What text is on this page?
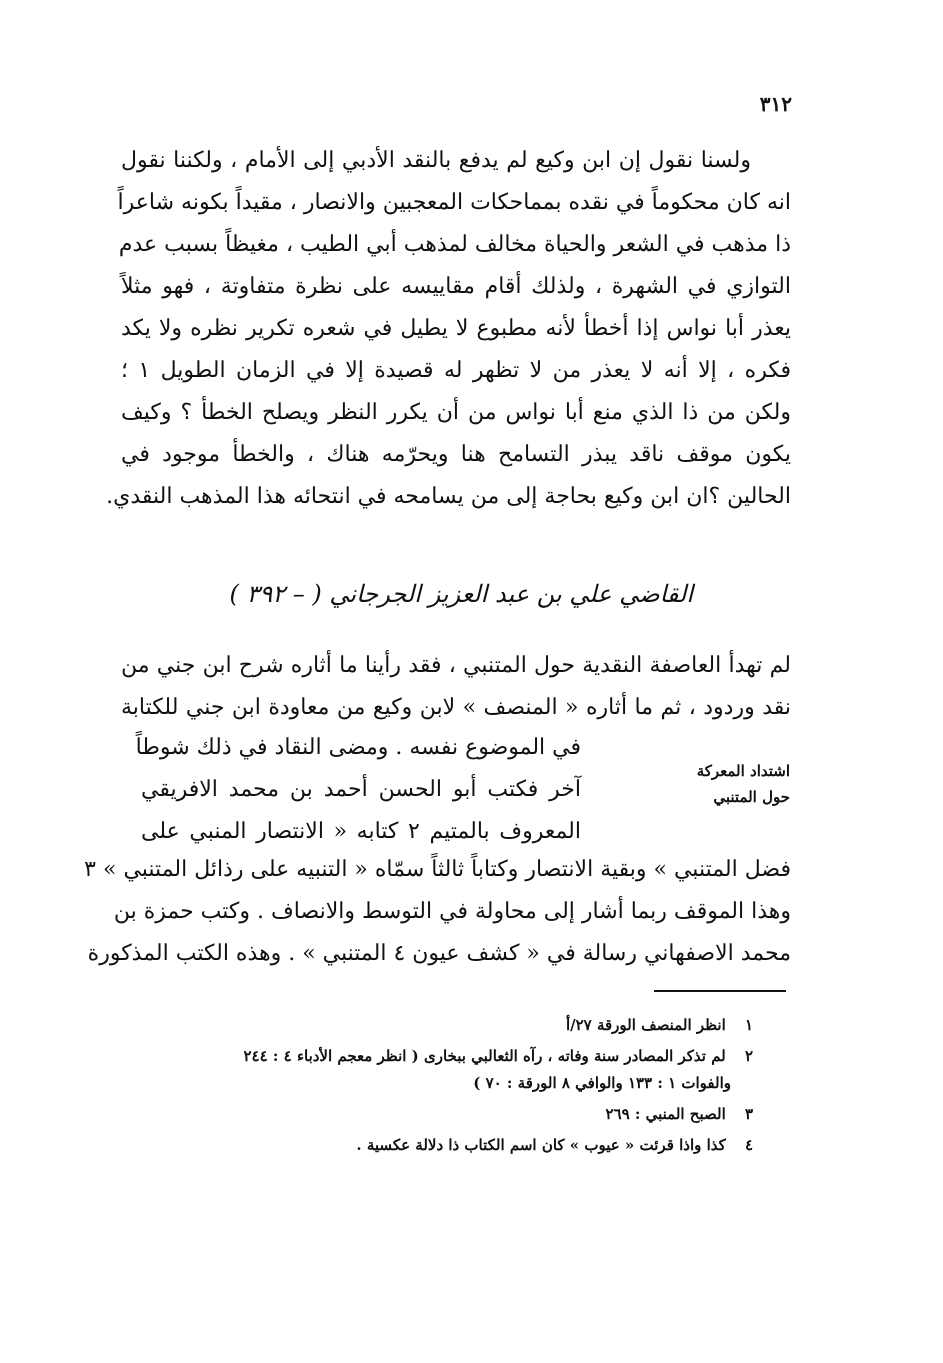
٣١٢
ولسنا نقول إن ابن وكيع لم يدفع بالنقد الأدبي إلى الأمام ، ولكننا نقول
انه كان محكوماً في نقده بمماحكات المعجبين والانصار ، مقيداً بكونه شاعراً
ذا مذهب في الشعر والحياة مخالف لمذهب أبي الطيب ، مغيظاً بسبب عدم
التوازي في الشهرة ، ولذلك أقام مقاييسه على نظرة متفاوتة ، فهو مثلاً
يعذر أبا نواس إذا أخطأ لأنه مطبوع لا يطيل في شعره تكرير نظره ولا يكد
فكره ، إلا أنه لا يعذر من لا تظهر له قصيدة إلا في الزمان الطويل ١ ؛
ولكن من ذا الذي منع أبا نواس من أن يكرر النظر ويصلح الخطأ ؟ وكيف
يكون موقف ناقد يبذر التسامح هنا ويحرّمه هناك ، والخطأ موجود في
الحالين ؟ان ابن وكيع بحاجة إلى من يسامحه في انتحائه هذا المذهب النقدي.
القاضي علي بن عبد العزيز الجرجاني ( – ٣٩٢ )
لم تهدأ العاصفة النقدية حول المتنبي ، فقد رأينا ما أثاره شرح ابن جني من
نقد وردود ، ثم ما أثاره « المنصف » لابن وكيع من معاودة ابن جني للكتابة
في الموضوع نفسه . ومضى النقاد في ذلك شوطاً
آخر فكتب أبو الحسن أحمد بن محمد الافريقي
المعروف بالمتيم ٢ كتابه « الانتصار المنبي على
اشتداد المعركة
حول المتنبي
فضل المتنبي » وبقية الانتصار وكتاباً ثالثاً سمّاه « التنبيه على رذائل المتنبي » ٣
وهذا الموقف ربما أشار إلى محاولة في التوسط والانصاف . وكتب حمزة بن
محمد الاصفهاني رسالة في « كشف عيون ٤ المتنبي » . وهذه الكتب المذكورة
١ انظر المنصف الورقة ٢٧/أ
٢ لم تذكر المصادر سنة وفاته ، رآه الثعالبي ببخارى ( انظر معجم الأدباء ٤ : ٢٤٤
والفوات ١ : ١٣٣ والوافي ٨ الورقة : ٧٠ )
٣ الصبح المنبي : ٢٦٩
٤ كذا واذا قرئت « عيوب » كان اسم الكتاب ذا دلالة عكسية .
